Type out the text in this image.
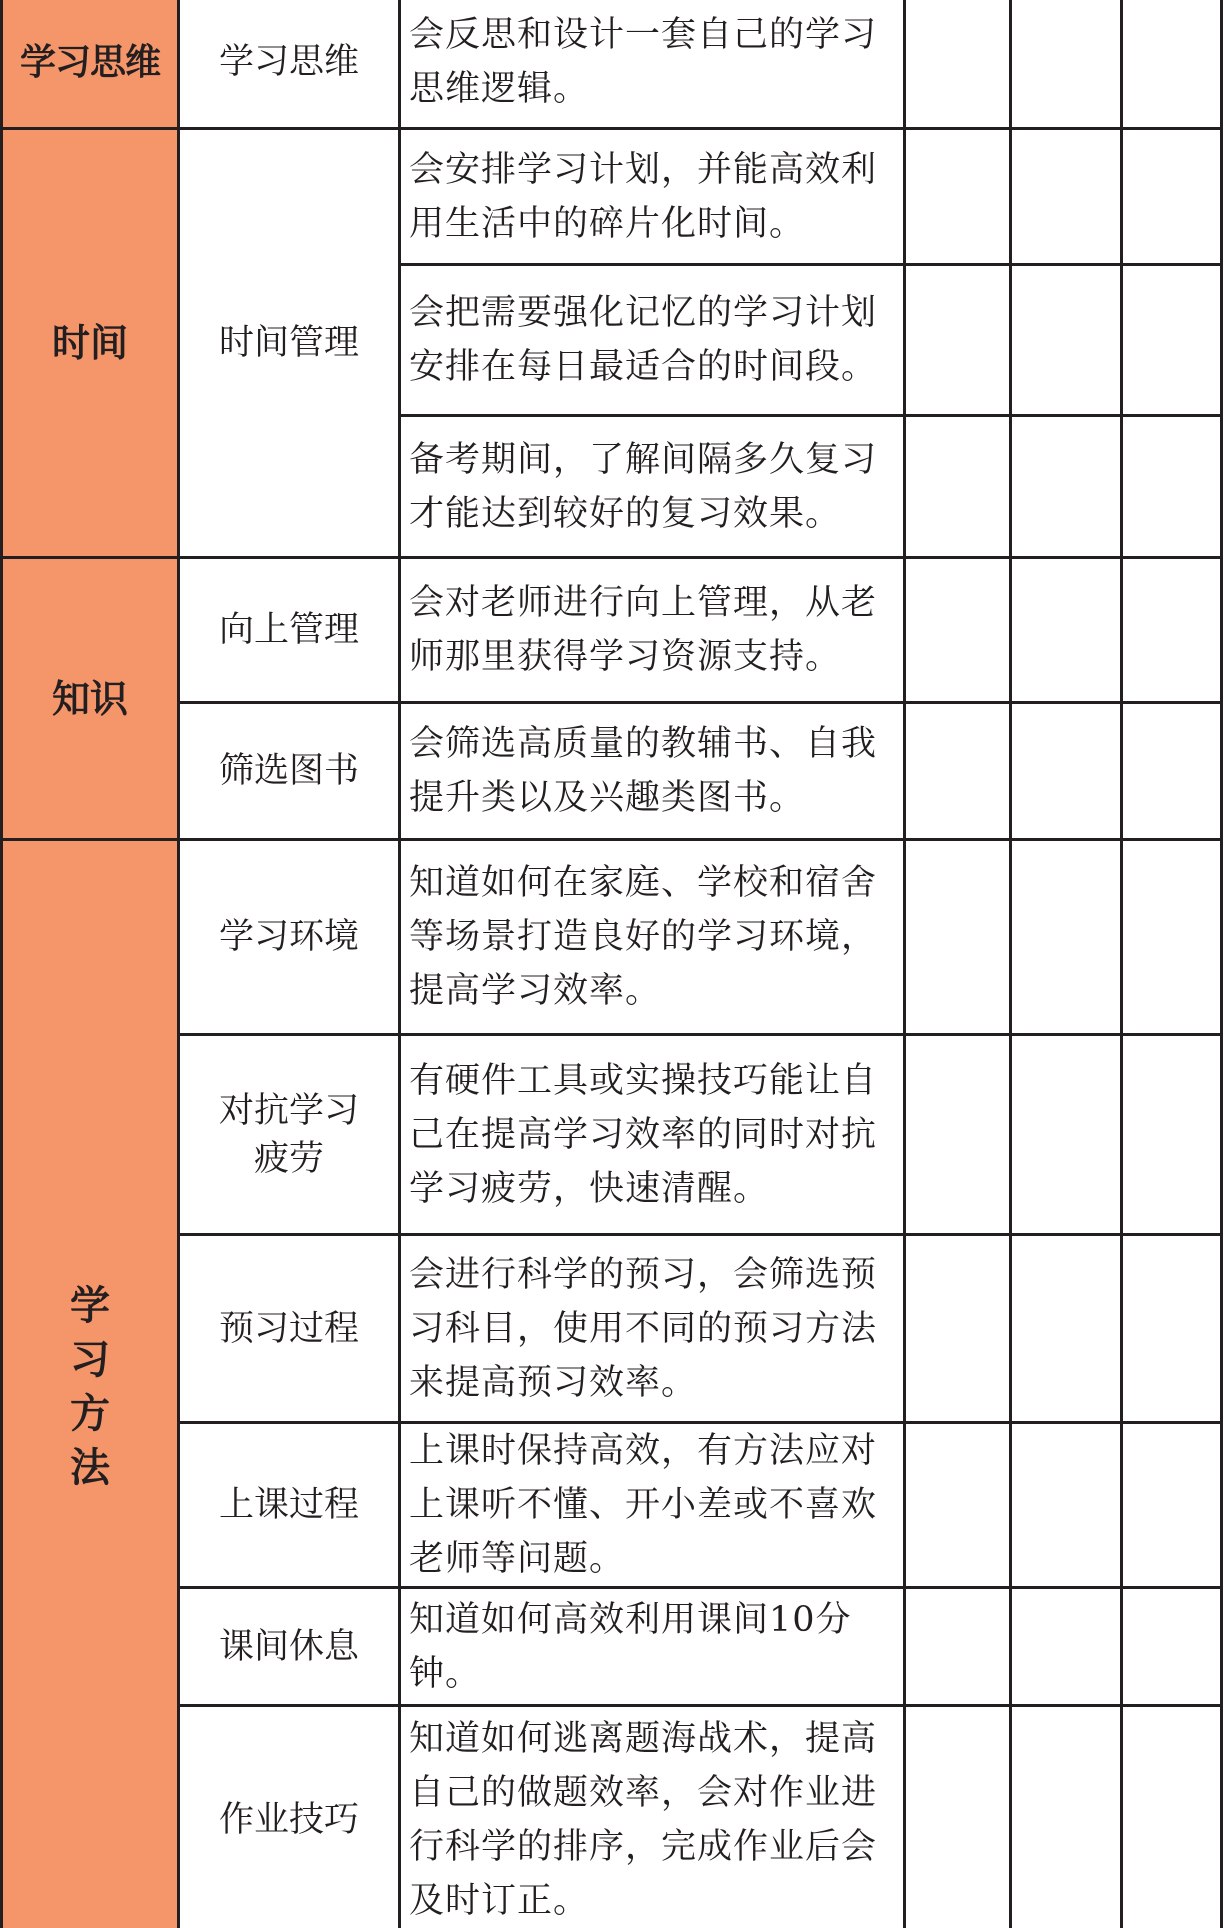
学习思维	学习思维	会反思和设计一套自己的学习思维逻辑。			
时间	时间管理	会安排学习计划，并能高效利用生活中的碎片化时间。			
		会把需要强化记忆的学习计划安排在每日最适合的时间段。			
		备考期间，了解间隔多久复习才能达到较好的复习效果。			
知识	向上管理	会对老师进行向上管理，从老师那里获得学习资源支持。			
	筛选图书	会筛选高质量的教辅书、自我提升类以及兴趣类图书。			
学习方法	学习环境	知道如何在家庭、学校和宿舍等场景打造良好的学习环境，提高学习效率。			
	对抗学习疲劳	有硬件工具或实操技巧能让自己在提高学习效率的同时对抗学习疲劳，快速清醒。			
	预习过程	会进行科学的预习，会筛选预习科目，使用不同的预习方法来提高预习效率。			
	上课过程	上课时保持高效，有方法应对上课听不懂、开小差或不喜欢老师等问题。			
	课间休息	知道如何高效利用课间10分钟。			
	作业技巧	知道如何逃离题海战术，提高自己的做题效率，会对作业进行科学的排序，完成作业后会及时订正。			
